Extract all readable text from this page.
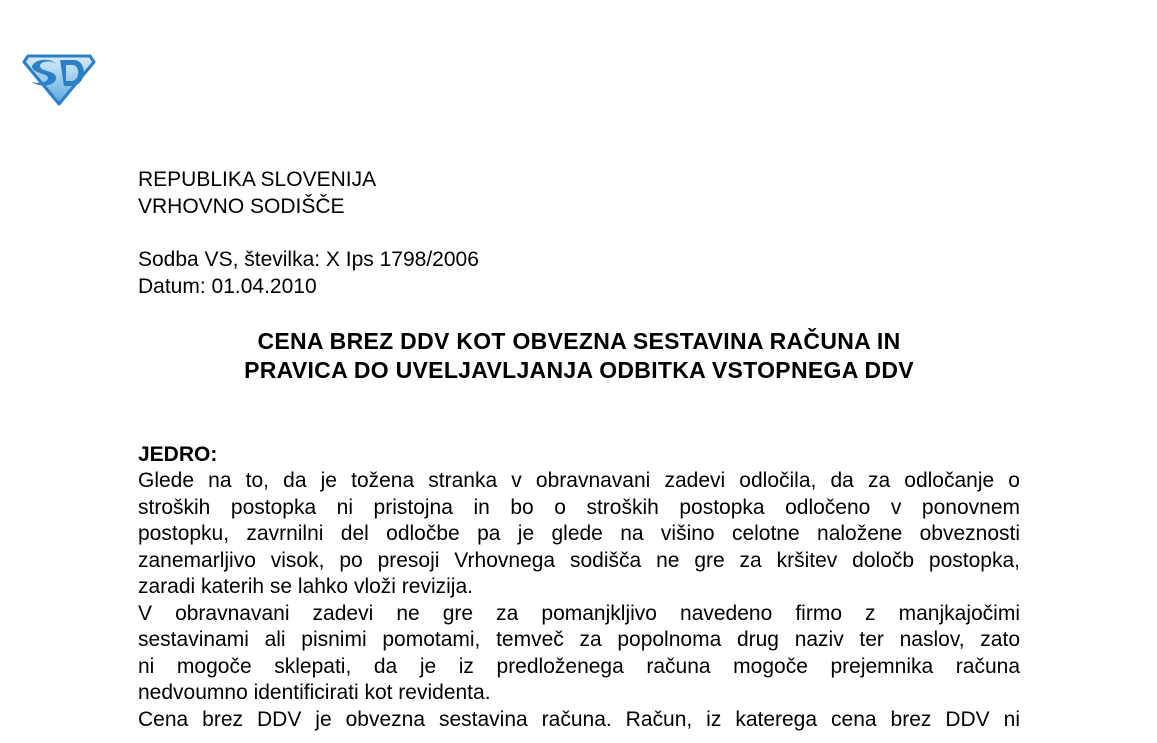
REPUBLIKA SLOVENIJA
VRHOVNO SODIŠČE
Sodba VS, številka: X Ips 1798/2006
Datum: 01.04.2010
CENA BREZ DDV KOT OBVEZNA SESTAVINA RAČUNA IN
PRAVICA DO UVELJAVLJANJA ODBITKA VSTOPNEGA DDV
JEDRO:

Glede na to, da je tožena stranka v obravnavani zadevi odločila, da za odločanje o
stroških postopka ni pristojna in bo o stroških postopka odločeno v ponovnem
postopku, zavrnilni del odločbe pa je glede na višino celotne naložene obveznosti
zanemarljivo visok, po presoji Vrhovnega sodišča ne gre za kršitev določb postopka,
zaradi katerih se lahko vloži revizija.

V obravnavani zadevi ne gre za pomanjkljivo navedeno firmo z manjkajočimi
sestavinami ali pisnimi pomotami, temveč za popolnoma drug naziv ter naslov, zato
ni mogoče sklepati, da je iz predloženega računa mogoče prejemnika računa
nedvoumno identificirati kot revidenta.

Cena brez DDV je obvezna sestavina računa. Račun, iz katerega cena brez DDV ni
